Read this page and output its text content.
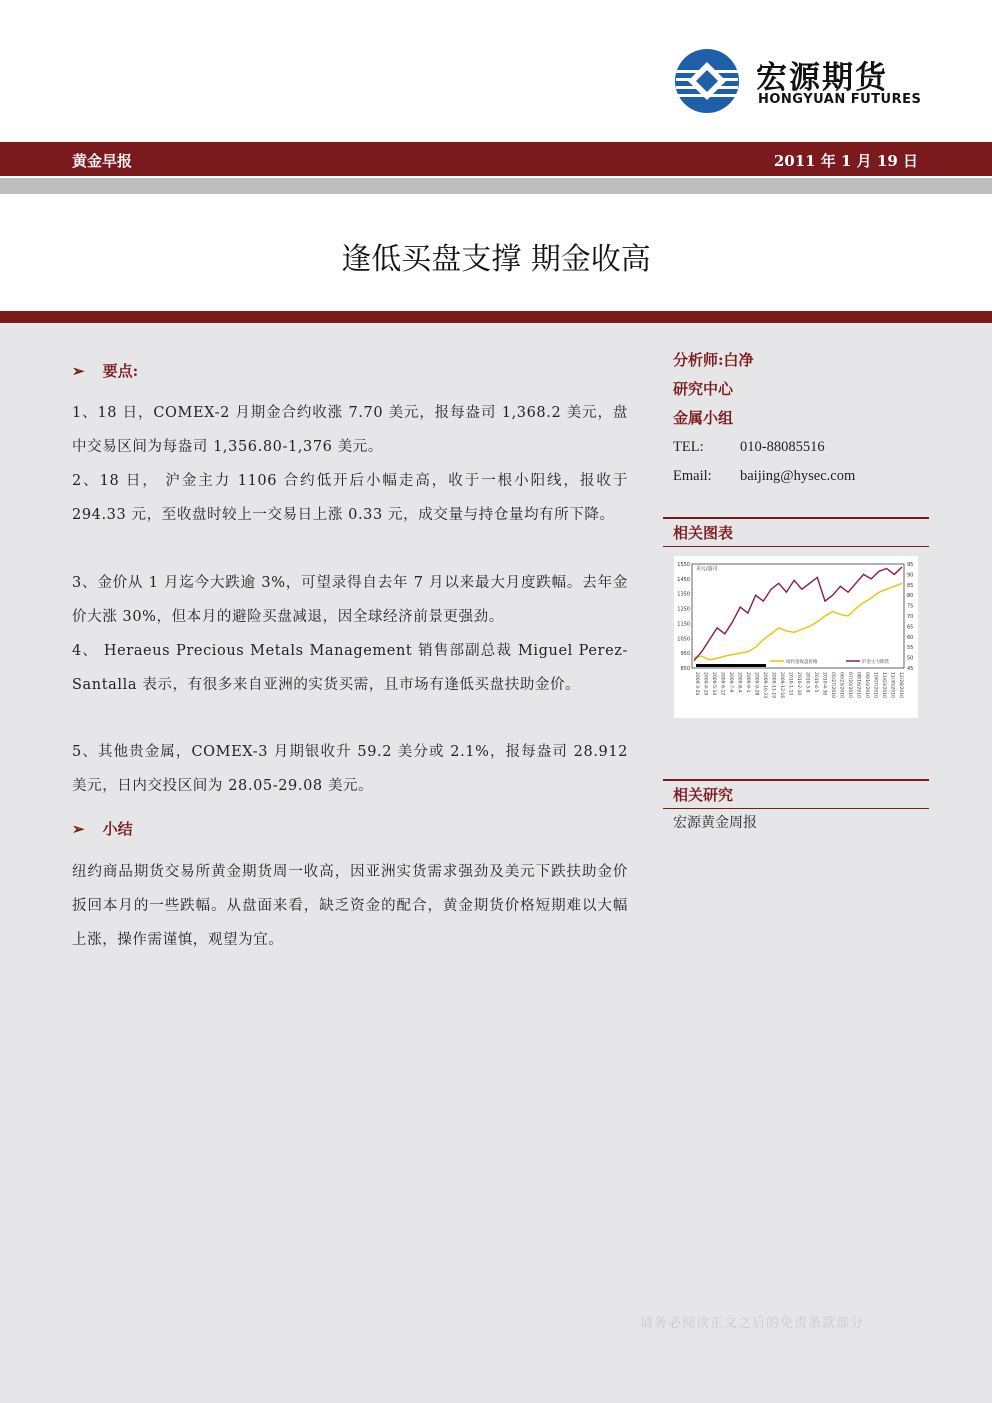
宏源期货
HONGYUAN FUTURES
黄金早报	2011 年 1 月 19 日
逢低买盘支撑 期金收高
➢ 要点:
1、18 日，COMEX-2 月期金合约收涨 7.70 美元，报每盎司 1,368.2 美元，盘中交易区间为每盎司 1,356.80-1,376 美元。
2、18 日， 沪金主力 1106 合约低开后小幅走高，收于一根小阳线，报收于 294.33 元，至收盘时较上一交易日上涨 0.33 元，成交量与持仓量均有所下降。
3、金价从 1 月迄今大跌逾 3%，可望录得自去年 7 月以来最大月度跌幅。去年金价大涨 30%，但本月的避险买盘减退，因全球经济前景更强劲。
4、 Heraeus Precious Metals Management 销售部副总裁 Miguel Perez-Santalla 表示，有很多来自亚洲的实货买需，且市场有逢低买盘扶助金价。
5、其他贵金属，COMEX-3 月期银收升 59.2 美分或 2.1%，报每盎司 28.912 美元，日内交投区间为 28.05-29.08 美元。
➢ 小结
纽约商品期货交易所黄金期货周一收高，因亚洲实货需求强劲及美元下跌扶助金价扳回本月的一些跌幅。从盘面来看，缺乏资金的配合，黄金期货价格短期难以大幅上涨，操作需谨慎，观望为宜。
分析师:白净
研究中心
金属小组
TEL:	010-88085516
Email: baijing@hysec.com
相关图表
1550
1450
1350
1250
1150
1050
950
850
95
90
85
80
75
70
65
60
55
50
45
美元/盎司
2009-3-24 2009-4-19 2009-5-14 2009-6-12 2009-7-9 2009-8-4 2009-9-1 2009-9-28 2009-10-23 2009-11-19 2009-12-16 2010-1-13 2010-2-10 2010-3-9 2010-4-5 2010-4-30 05/27/2010 06/23/2010 07/20/2010 08/16/2010 09/10/2010 10/07/2010 11/03/2010 11/30/2010 12/28/2010
纽约金收盘价格	沪金主力期货
相关研究
宏源黄金周报
请务必阅读正文之后的免责条款部分
